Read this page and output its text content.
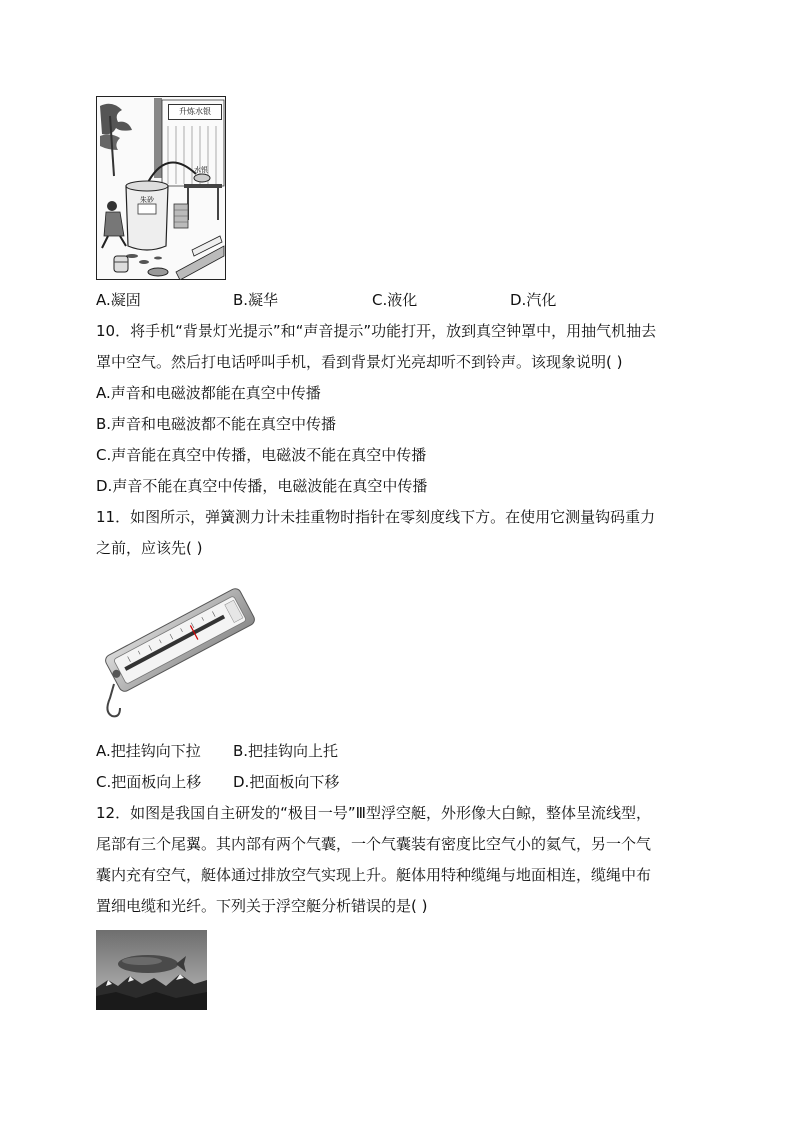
升炼水银
朱砂
水银
A.凝固	B.凝华	C.液化	D.汽化
10．将手机“背景灯光提示”和“声音提示”功能打开，放到真空钟罩中，用抽气机抽去
罩中空气。然后打电话呼叫手机，看到背景灯光亮却听不到铃声。该现象说明( )
A.声音和电磁波都能在真空中传播
B.声音和电磁波都不能在真空中传播
C.声音能在真空中传播，电磁波不能在真空中传播
D.声音不能在真空中传播，电磁波能在真空中传播
11．如图所示，弹簧测力计未挂重物时指针在零刻度线下方。在使用它测量钩码重力
之前，应该先( )
A.把挂钩向下拉 B.把挂钩向上托
C.把面板向上移 D.把面板向下移
12．如图是我国自主研发的“极目一号”Ⅲ型浮空艇，外形像大白鲸，整体呈流线型，
尾部有三个尾翼。其内部有两个气囊，一个气囊装有密度比空气小的氦气，另一个气
囊内充有空气，艇体通过排放空气实现上升。艇体用特种缆绳与地面相连，缆绳中布
置细电缆和光纤。下列关于浮空艇分析错误的是( )
